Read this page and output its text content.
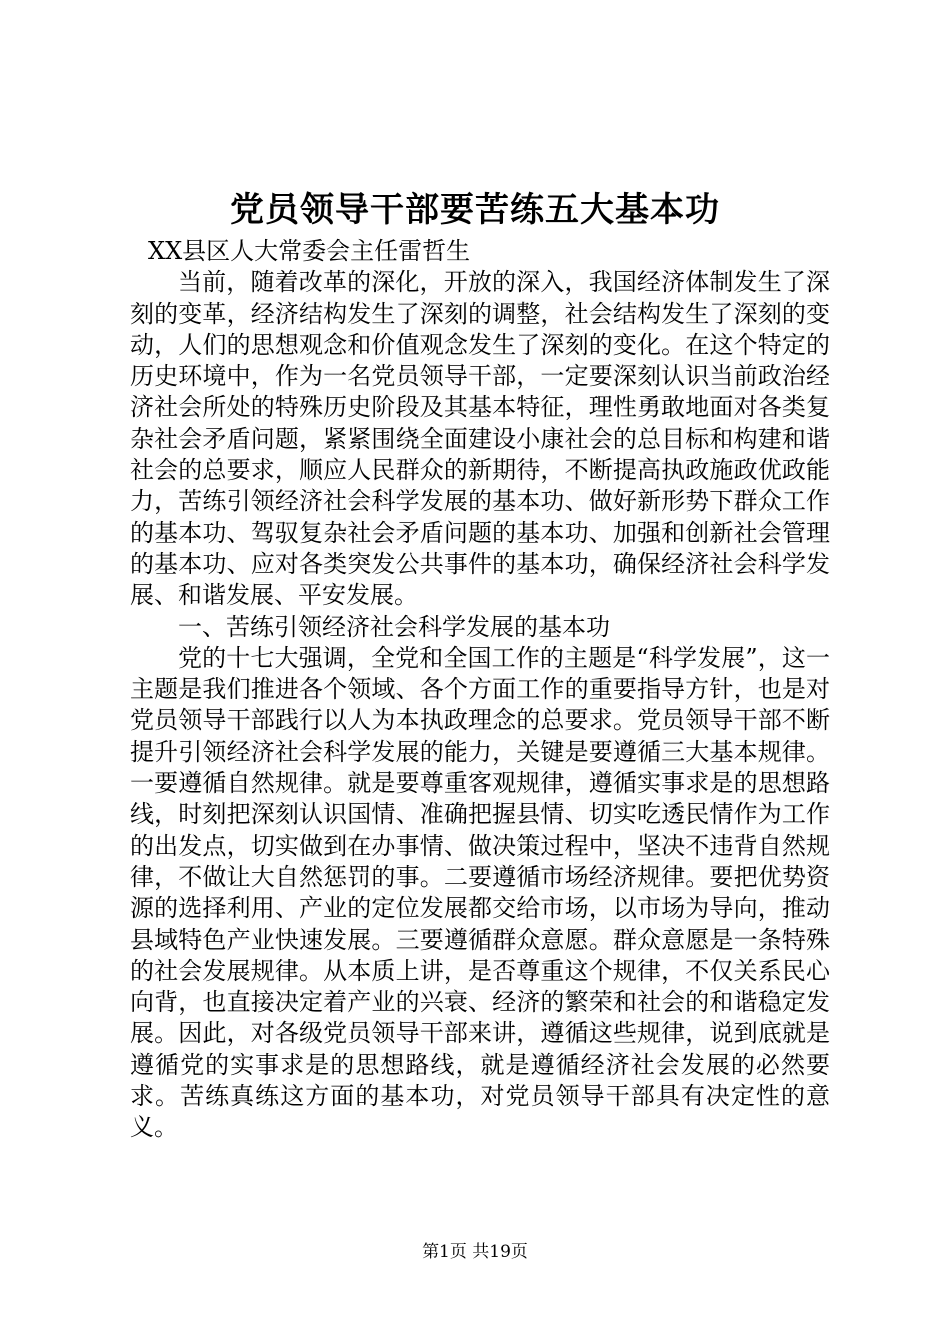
党员领导干部要苦练五大基本功

XX县区人大常委会主任雷哲生

当前，随着改革的深化，开放的深入，我国经济体制发生了深刻的变革，经济结构发生了深刻的调整，社会结构发生了深刻的变动，人们的思想观念和价值观念发生了深刻的变化。在这个特定的历史环境中，作为一名党员领导干部，一定要深刻认识当前政治经济社会所处的特殊历史阶段及其基本特征，理性勇敢地面对各类复杂社会矛盾问题，紧紧围绕全面建设小康社会的总目标和构建和谐社会的总要求，顺应人民群众的新期待，不断提高执政施政优政能力，苦练引领经济社会科学发展的基本功、做好新形势下群众工作的基本功、驾驭复杂社会矛盾问题的基本功、加强和创新社会管理的基本功、应对各类突发公共事件的基本功，确保经济社会科学发展、和谐发展、平安发展。

一、苦练引领经济社会科学发展的基本功

党的十七大强调，全党和全国工作的主题是“科学发展”，这一主题是我们推进各个领域、各个方面工作的重要指导方针，也是对党员领导干部践行以人为本执政理念的总要求。党员领导干部不断提升引领经济社会科学发展的能力，关键是要遵循三大基本规律。一要遵循自然规律。就是要尊重客观规律，遵循实事求是的思想路线，时刻把深刻认识国情、准确把握县情、切实吃透民情作为工作的出发点，切实做到在办事情、做决策过程中，坚决不违背自然规律，不做让大自然惩罚的事。二要遵循市场经济规律。要把优势资源的选择利用、产业的定位发展都交给市场，以市场为导向，推动县域特色产业快速发展。三要遵循群众意愿。群众意愿是一条特殊的社会发展规律。从本质上讲，是否尊重这个规律，不仅关系民心向背，也直接决定着产业的兴衰、经济的繁荣和社会的和谐稳定发展。因此，对各级党员领导干部来讲，遵循这些规律，说到底就是遵循党的实事求是的思想路线，就是遵循经济社会发展的必然要求。苦练真练这方面的基本功，对党员领导干部具有决定性的意义。

第1页 共19页
